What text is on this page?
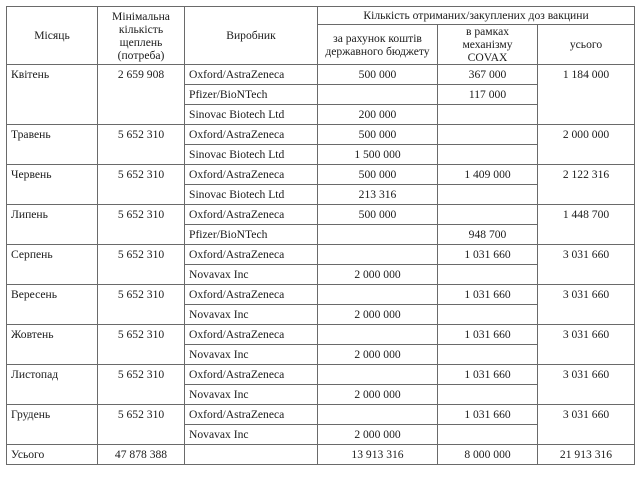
Місяць	Мінімальна кількість щеплень (потреба)	Виробник	Кількість отриманих/закуплених доз вакцини		
			за рахунок коштів державного бюджету	в рамках механізму COVAX	усього
Квітень	2 659 908	Oxford/AstraZeneca	500 000	367 000	1 184 000
		Pfizer/BioNTech		117 000	
		Sinovac Biotech Ltd	200 000		
Травень	5 652 310	Oxford/AstraZeneca	500 000		2 000 000
		Sinovac Biotech Ltd	1 500 000		
Червень	5 652 310	Oxford/AstraZeneca	500 000	1 409 000	2 122 316
		Sinovac Biotech Ltd	213 316		
Липень	5 652 310	Oxford/AstraZeneca	500 000		1 448 700
		Pfizer/BioNTech		948 700	
Серпень	5 652 310	Oxford/AstraZeneca		1 031 660	3 031 660
		Novavax Inc	2 000 000		
Вересень	5 652 310	Oxford/AstraZeneca		1 031 660	3 031 660
		Novavax Inc	2 000 000		
Жовтень	5 652 310	Oxford/AstraZeneca		1 031 660	3 031 660
		Novavax Inc	2 000 000		
Листопад	5 652 310	Oxford/AstraZeneca		1 031 660	3 031 660
		Novavax Inc	2 000 000		
Грудень	5 652 310	Oxford/AstraZeneca		1 031 660	3 031 660
		Novavax Inc	2 000 000		
Усього	47 878 388		13 913 316	8 000 000	21 913 316
